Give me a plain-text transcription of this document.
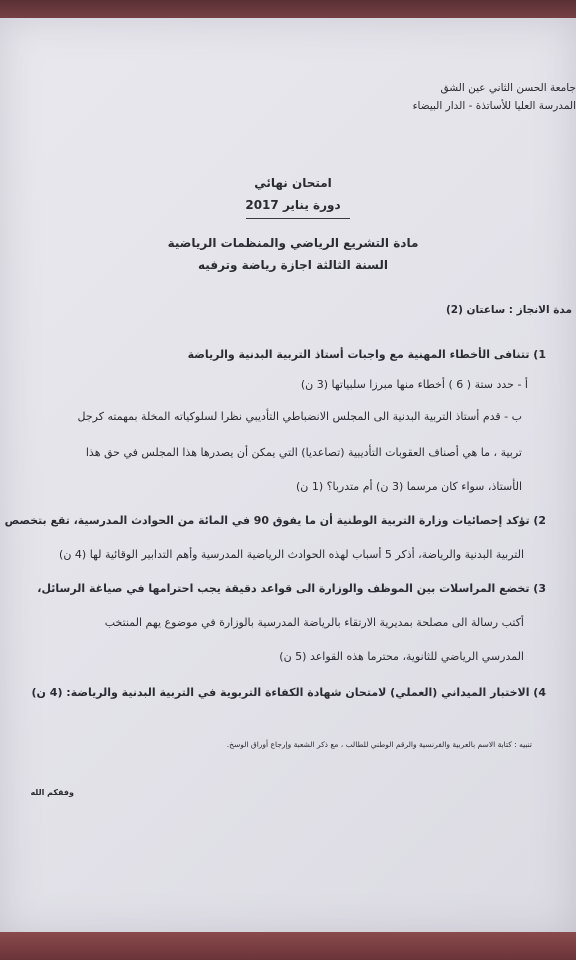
جامعة الحسن الثاني عين الشق
المدرسة العليا للأساتذة - الدار البيضاء
امتحان نهائي
دورة يناير 2017
مادة التشريع الرياضي والمنظمات الرياضية
السنة الثالثة اجازة رياضة وترفيه
مدة الانجاز : ساعتان (2)
1) تتنافى الأخطاء المهنية مع واجبات أستاذ التربية البدنية والرياضة
أ - حدد ستة ( 6 ) أخطاء منها مبرزا سلبياتها (3 ن)
ب - قدم أستاذ التربية البدنية الى المجلس الانضباطي التأديبي نظرا لسلوكياته المخلة بمهمته كرجل
تربية ، ما هي أصناف العقوبات التأديبية (تصاعديا) التي يمكن أن يصدرها هذا المجلس في حق هذا
الأستاذ، سواء كان مرسما (3 ن) أم متدربا؟ (1 ن)
2) تؤكد إحصائيات وزارة التربية الوطنية أن ما يفوق 90 في المائة من الحوادث المدرسية، تقع بتخصص
التربية البدنية والرياضة، أذكر 5 أسباب لهذه الحوادث الرياضية المدرسية وأهم التدابير الوقائية لها (4 ن)
3) تخضع المراسلات بين الموظف والوزارة الى قواعد دقيقة يجب احترامها في صياغة الرسائل،
أكتب رسالة الى مصلحة بمديرية الارتقاء بالرياضة المدرسية بالوزارة في موضوع يهم المنتخب
المدرسي الرياضي للثانوية، محترما هذه القواعد (5 ن)
4) الاختبار الميداني (العملي) لامتحان شهادة الكفاءة التربوية في التربية البدنية والرياضة: (4 ن)
تنبيه : كتابة الاسم بالعربية والفرنسية والرقم الوطني للطالب ، مع ذكر الشعبة وإرجاع أوراق الوسخ.
وفقكم الله
